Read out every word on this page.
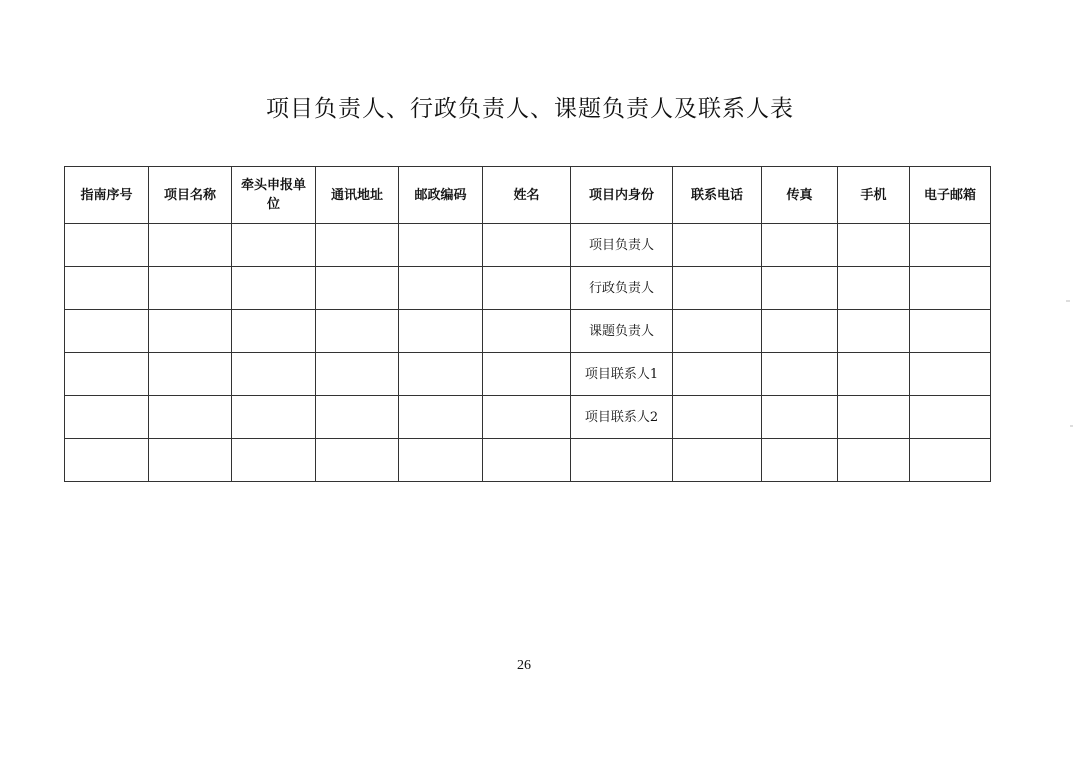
项目负责人、行政负责人、课题负责人及联系人表
指南序号	项目名称	牵头申报单位	通讯地址	邮政编码	姓名	项目内身份	联系电话	传真	手机	电子邮箱
						项目负责人				
						行政负责人				
						课题负责人				
						项目联系人1				
						项目联系人2				

26
